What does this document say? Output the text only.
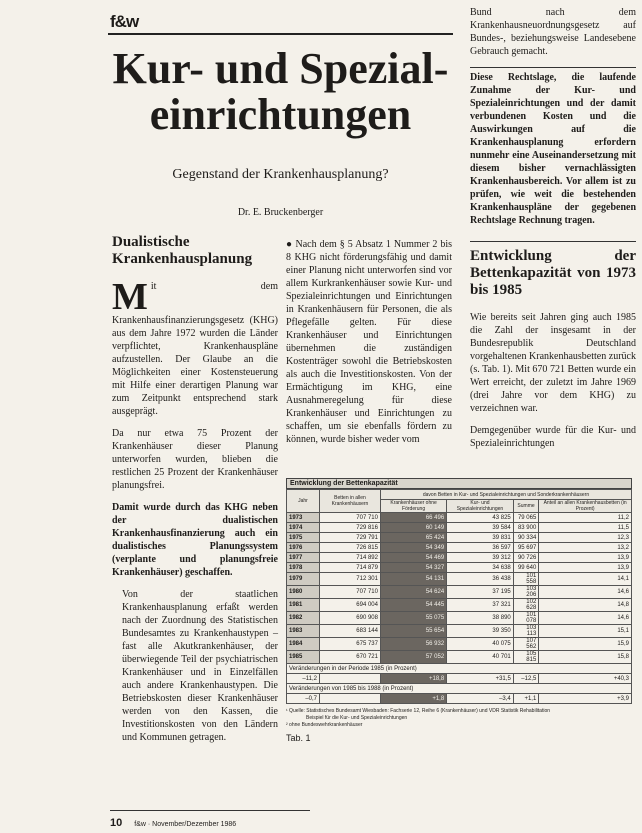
f&w
Kur- und Spezial-
einrichtungen
Gegenstand der Krankenhausplanung?
Dr. E. Bruckenberger
Dualistische Krankenhausplanung

Mit dem Krankenhausfinanzierungsgesetz (KHG) aus dem Jahre 1972 wurden die Länder verpflichtet, Krankenhauspläne aufzustellen. Der Glaube an die Möglichkeiten einer Kostensteuerung mit Hilfe einer derartigen Planung war zum Zeitpunkt entsprechend stark ausgeprägt.

Da nur etwa 75 Prozent der Krankenhäuser dieser Planung unterworfen wurden, blieben die restlichen 25 Prozent der Krankenhäuser planungsfrei.

Damit wurde durch das KHG neben der dualistischen Krankenhausfinanzierung auch ein dualistisches Planungssystem (verplante und planungsfreie Krankenhäuser) geschaffen.

Von der staatlichen Krankenhausplanung erfaßt werden nach der Zuordnung des Statistischen Bundesamtes zu Krankenhaustypen – fast alle Akutkrankenhäuser, der überwiegende Teil der psychiatrischen Krankenhäuser und in Einzelfällen auch andere Krankenhaustypen. Die Betriebskosten dieser Krankenhäuser werden von den Kassen, die Investitionskosten von den Ländern und Kommunen getragen.

● Nach dem § 5 Absatz 1 Nummer 2 bis 8 KHG nicht förderungsfähig und damit einer Planung nicht unterworfen sind vor allem Kurkrankenhäuser sowie Kur- und Spezialeinrichtungen und Einrichtungen in Krankenhäusern für Personen, die als Pflegefälle gelten. Für diese Krankenhäuser und Einrichtungen übernehmen die zuständigen Kostenträger sowohl die Betriebskosten als auch die Investitionskosten. Von der Ermächtigung im KHG, eine Ausnahmeregelung für diese Krankenhäuser und Einrichtungen zu schaffen, um sie ebenfalls fördern zu können, wurde bisher weder vom

Bund nach dem Krankenhausneuordnungsgesetz auf Bundes-, beziehungsweise Landesebene Gebrauch gemacht.

Diese Rechtslage, die laufende Zunahme der Kur- und Spezialeinrichtungen und der damit verbundenen Kosten und die Auswirkungen auf die Krankenhausplanung erfordern nunmehr eine Auseinandersetzung mit diesem bisher vernachlässigten Krankenhausbereich. Vor allem ist zu prüfen, wie weit die bestehenden Krankenhauspläne der gegebenen Rechtslage Rechnung tragen.

Entwicklung der Bettenkapazität von 1973 bis 1985

Wie bereits seit Jahren ging auch 1985 die Zahl der insgesamt in der Bundesrepublik Deutschland vorgehaltenen Krankenhausbetten zurück (s. Tab. 1). Mit 670 721 Betten wurde ein Wert erreicht, der zuletzt im Jahre 1969 (drei Jahre vor dem KHG) zu verzeichnen war.

Demgegenüber wurde für die Kur- und Spezialeinrichtungen

Entwicklung der Bettenkapazität
Jahr	Betten in allen Krankenhäusern	davon Betten in Kur- und Spezialeinrichtungen und Sonderkrankenhäusern			
		Krankenhäuser ohne Förderung	Kur- und Spezialeinrichtungen	Summe	Anteil an allen Krankenhausbetten (in Prozent)
1973	707 710	66 496	43 825	79 065	11,2
1974	729 816	60 149	39 584	83 900	11,5
1975	729 791	65 424	39 831	90 334	12,3
1976	726 815	54 349	36 597	95 697	13,2
1977	714 892	54 469	39 312	90 726	13,9
1978	714 879	54 327	34 638	99 640	13,9
1979	712 301	54 131	36 438	101 558	14,1
1980	707 710	54 624	37 195	103 206	14,6
1981	694 004	54 445	37 321	102 628	14,8
1982	690 908	55 075	38 890	101 078	14,6
1983	683 144	55 654	39 350	103 113	15,1
1984	675 737	56 932	40 075	107 562	15,9
1985	670 721	57 052	40 701	105 815	15,8
Veränderungen in der Periode 1985 (in Prozent)					
–11,2		+18,8	+31,5	–12,5	+40,3
Veränderungen von 1985 bis 1988 (in Prozent)					
–0,7		+1,8	–3,4	+1,1	+3,9
¹ Quelle: Statistisches Bundesamt Wiesbaden: Fachserie 12, Reihe 6 (Krankenhäuser) und VDR Statistik Rehabilitation
Beispiel für die Kur- und Spezialeinrichtungen
² ohne Bundeswehrkrankenhäuser
Tab. 1
10 f&w · November/Dezember 1986
